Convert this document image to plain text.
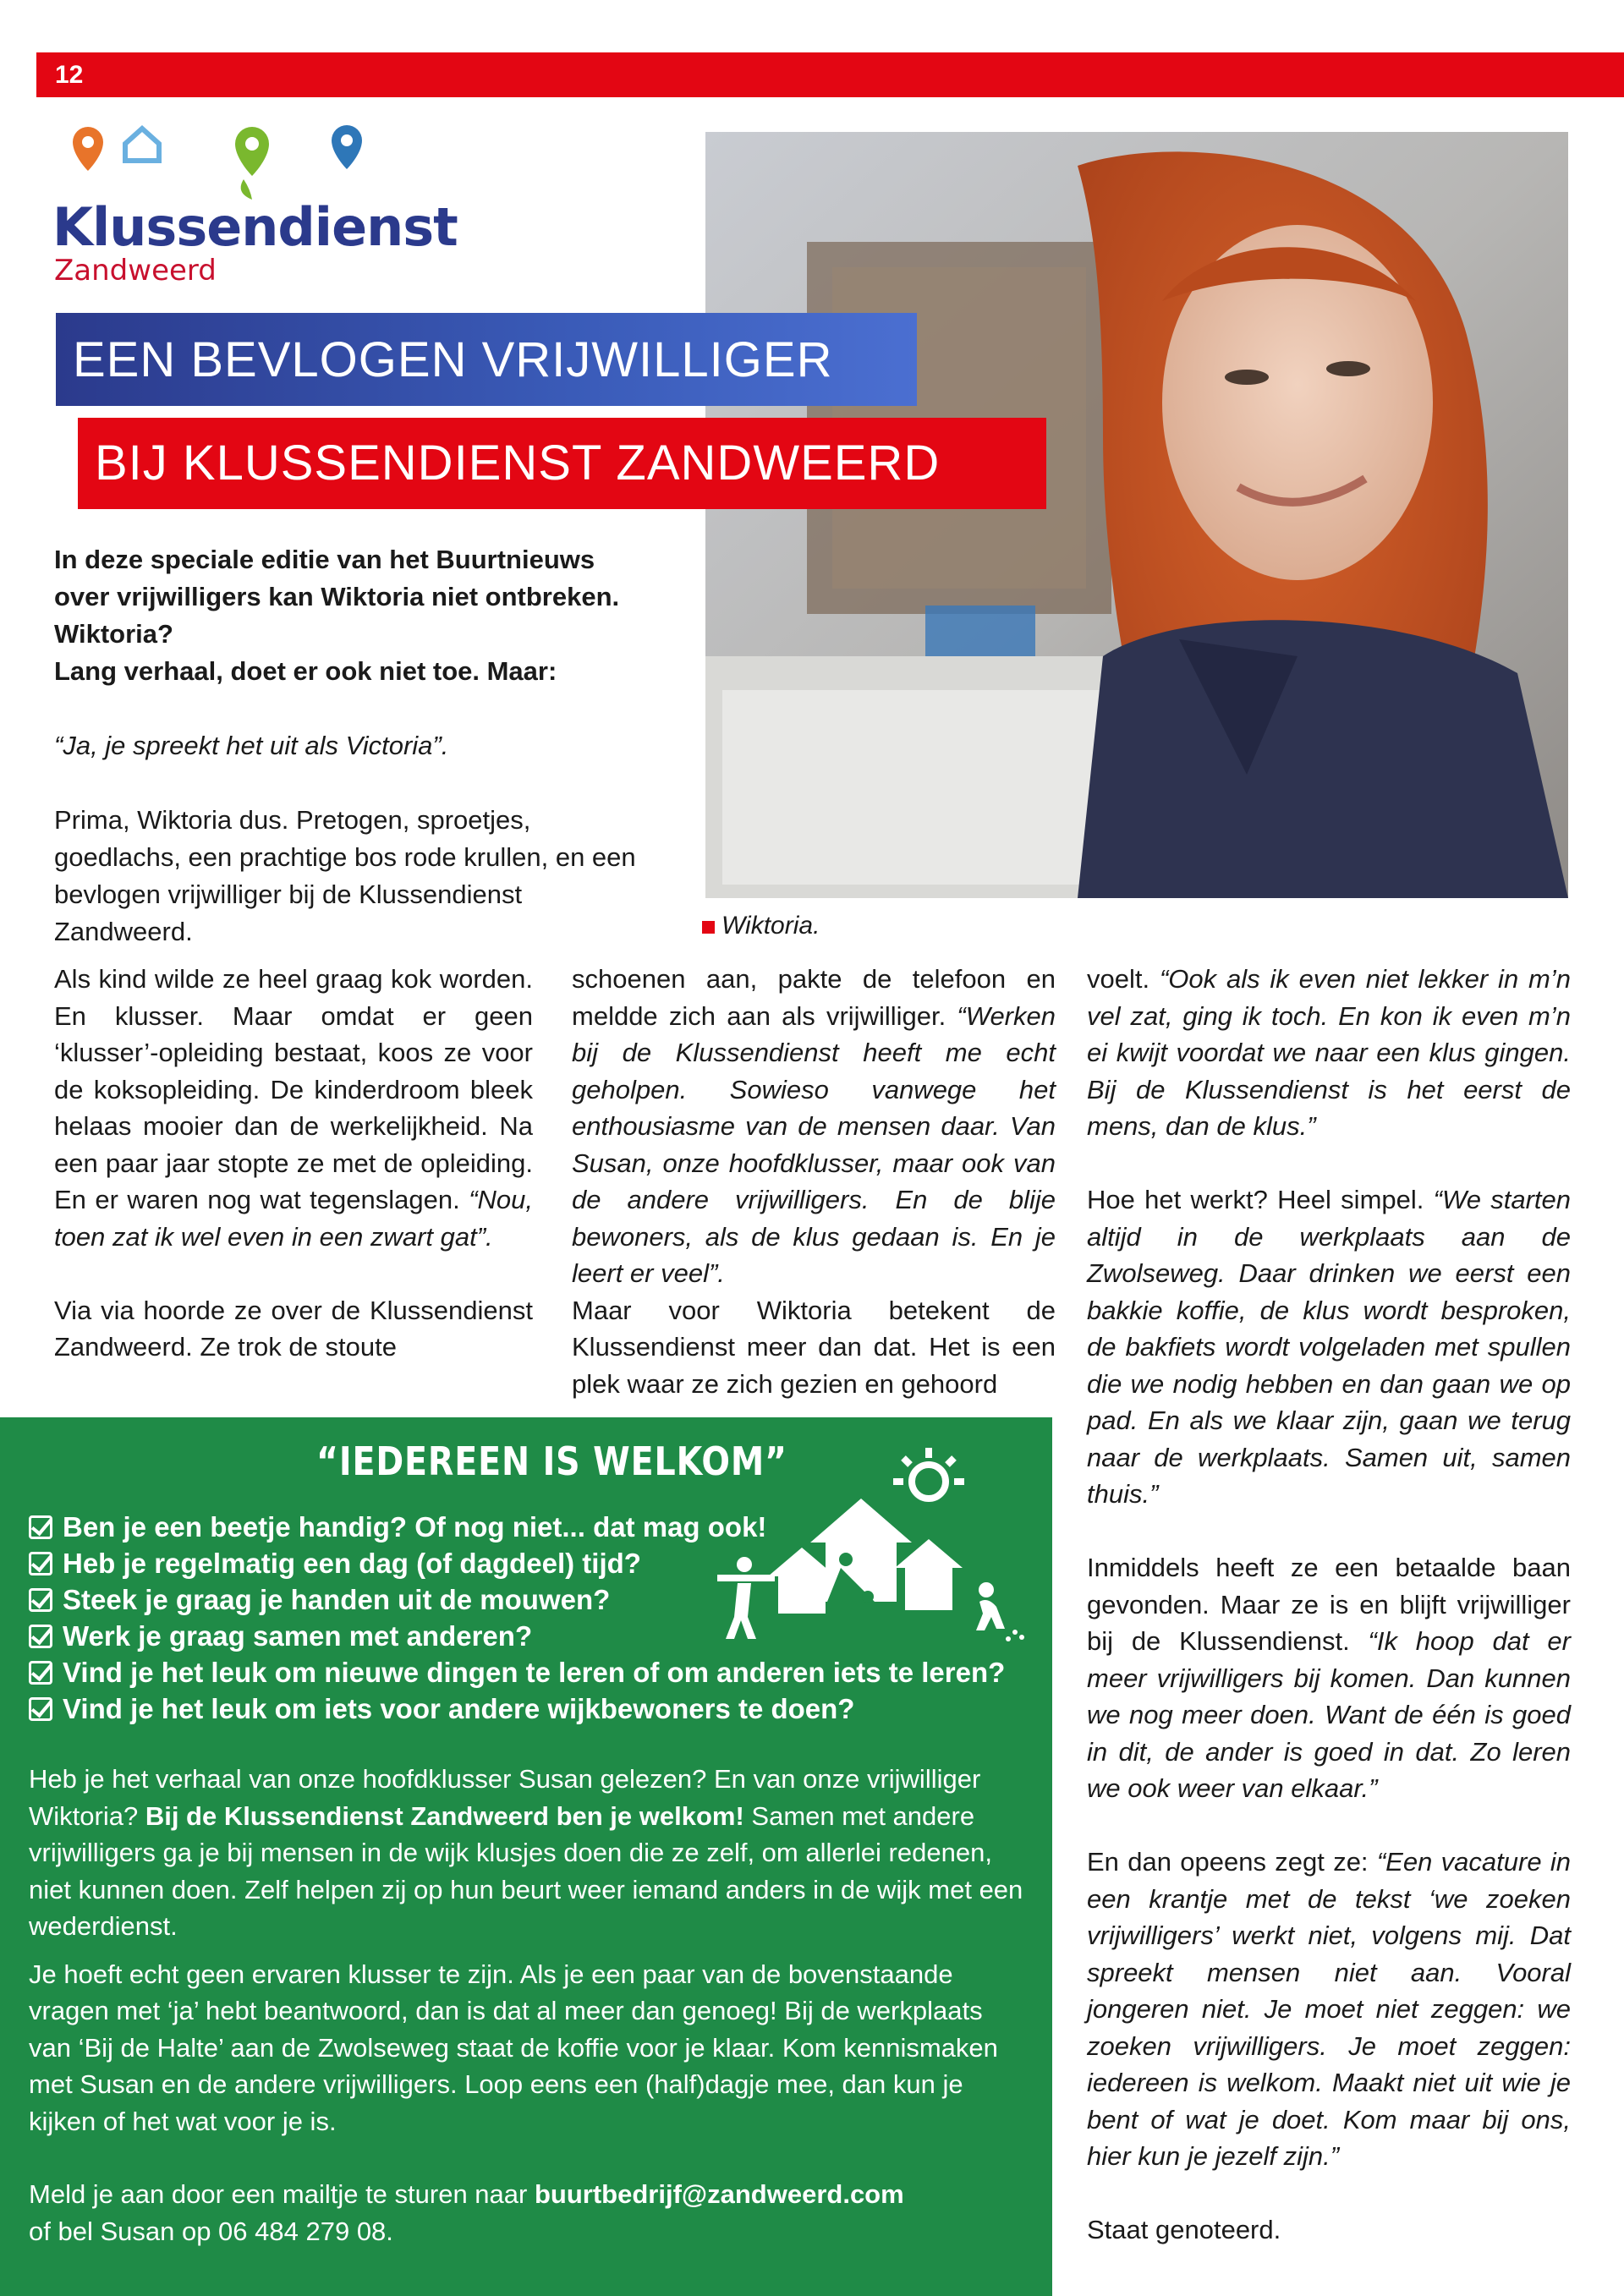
12
Klussendienst
Zandweerd
EEN BEVLOGEN VRIJWILLIGER
BIJ KLUSSENDIENST ZANDWEERD
In deze speciale editie van het Buurtnieuws
over vrijwilligers kan Wiktoria niet ontbreken.
Wiktoria?
Lang verhaal, doet er ook niet toe. Maar:
“Ja, je spreekt het uit als Victoria”.
Prima, Wiktoria dus. Pretogen, sproetjes, goedlachs, een prachtige bos rode krullen, en een bevlogen vrijwilliger bij de Klussendienst Zandweerd.	Wiktoria.

Als kind wilde ze heel graag kok worden. En klusser. Maar omdat er geen ‘klusser’-opleiding bestaat, koos ze voor de koksopleiding. De kinderdroom bleek helaas mooier dan de werkelijkheid. Na een paar jaar stopte ze met de opleiding. En er waren nog wat tegenslagen. “Nou, toen zat ik wel even in een zwart gat”.

Via via hoorde ze over de Klussendienst Zandweerd. Ze trok de stoute

schoenen aan, pakte de telefoon en meldde zich aan als vrijwilliger. “Werken bij de Klussendienst heeft me echt geholpen. Sowieso vanwege het enthousiasme van de mensen daar. Van Susan, onze hoofdklusser, maar ook van de andere vrijwilligers. En de blije bewoners, als de klus gedaan is. En je leert er veel”.

Maar voor Wiktoria betekent de Klussendienst meer dan dat. Het is een plek waar ze zich gezien en gehoord

voelt. “Ook als ik even niet lekker in m’n vel zat, ging ik toch. En kon ik even m’n ei kwijt voordat we naar een klus gingen. Bij de Klussendienst is het eerst de mens, dan de klus.”

Hoe het werkt? Heel simpel. “We starten altijd in de werkplaats aan de Zwolseweg. Daar drinken we eerst een bakkie koffie, de klus wordt besproken, de bakfiets wordt volgeladen met spullen die we nodig hebben en dan gaan we op pad. En als we klaar zijn, gaan we terug naar de werkplaats. Samen uit, samen thuis.”

Inmiddels heeft ze een betaalde baan gevonden. Maar ze is en blijft vrijwilliger bij de Klussendienst. “Ik hoop dat er meer vrijwilligers bij komen. Dan kunnen we nog meer doen. Want de één is goed in dit, de ander is goed in dat. Zo leren we ook weer van elkaar.”

En dan opeens zegt ze: “Een vacature in een krantje met de tekst ‘we zoeken vrijwilligers’ werkt niet, volgens mij. Dat spreekt mensen niet aan. Vooral jongeren niet. Je moet niet zeggen: we zoeken vrijwilligers. Je moet zeggen: iedereen is welkom. Maakt niet uit wie je bent of wat je doet. Kom maar bij ons, hier kun je jezelf zijn.”

Staat genoteerd.

“IEDEREEN IS WELKOM”
Ben je een beetje handig? Of nog niet... dat mag ook!
Heb je regelmatig een dag (of dagdeel) tijd?
Steek je graag je handen uit de mouwen?
Werk je graag samen met anderen?
Vind je het leuk om nieuwe dingen te leren of om anderen iets te leren?
Vind je het leuk om iets voor andere wijkbewoners te doen?

Heb je het verhaal van onze hoofdklusser Susan gelezen? En van onze vrijwilliger Wiktoria? Bij de Klussendienst Zandweerd ben je welkom! Samen met andere vrijwilligers ga je bij mensen in de wijk klusjes doen die ze zelf, om allerlei redenen, niet kunnen doen. Zelf helpen zij op hun beurt weer iemand anders in de wijk met een wederdienst.

Je hoeft echt geen ervaren klusser te zijn. Als je een paar van de bovenstaande vragen met ‘ja’ hebt beantwoord, dan is dat al meer dan genoeg! Bij de werkplaats van ‘Bij de Halte’ aan de Zwolseweg staat de koffie voor je klaar. Kom kennismaken met Susan en de andere vrijwilligers. Loop eens een (half)dagje mee, dan kun je kijken of het wat voor je is.

Meld je aan door een mailtje te sturen naar buurtbedrijf@zandweerd.com
of bel Susan op 06 484 279 08.
